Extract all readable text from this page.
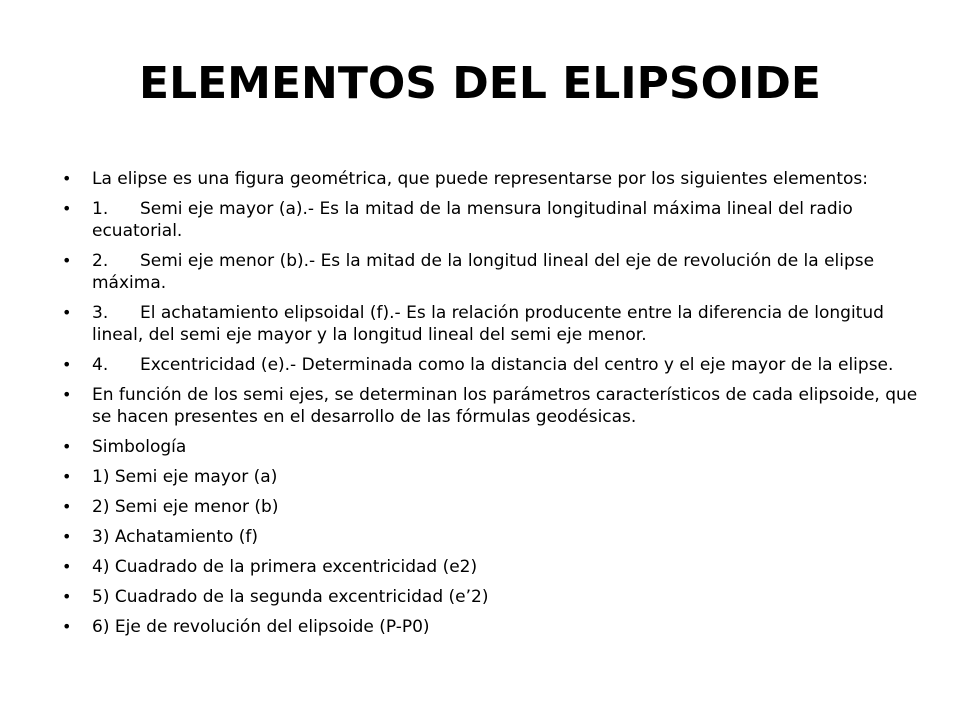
ELEMENTOS DEL ELIPSOIDE
• La elipse es una figura geométrica, que puede representarse por los siguientes elementos:
• 1. Semi eje mayor (a).- Es la mitad de la mensura longitudinal máxima lineal del radio ecuatorial.
• 2. Semi eje menor (b).- Es la mitad de la longitud lineal del eje de revolución de la elipse máxima.
• 3. El achatamiento elipsoidal (f).- Es la relación producente entre la diferencia de longitud lineal, del semi eje mayor y la longitud lineal del semi eje menor.
• 4. Excentricidad (e).- Determinada como la distancia del centro y el eje mayor de la elipse.
• En función de los semi ejes, se determinan los parámetros característicos de cada elipsoide, que se hacen presentes en el desarrollo de las fórmulas geodésicas.
• Simbología
• 1) Semi eje mayor (a)
• 2) Semi eje menor (b)
• 3) Achatamiento (f)
• 4) Cuadrado de la primera excentricidad (e2)
• 5) Cuadrado de la segunda excentricidad (e’2)
• 6) Eje de revolución del elipsoide (P-P0)
